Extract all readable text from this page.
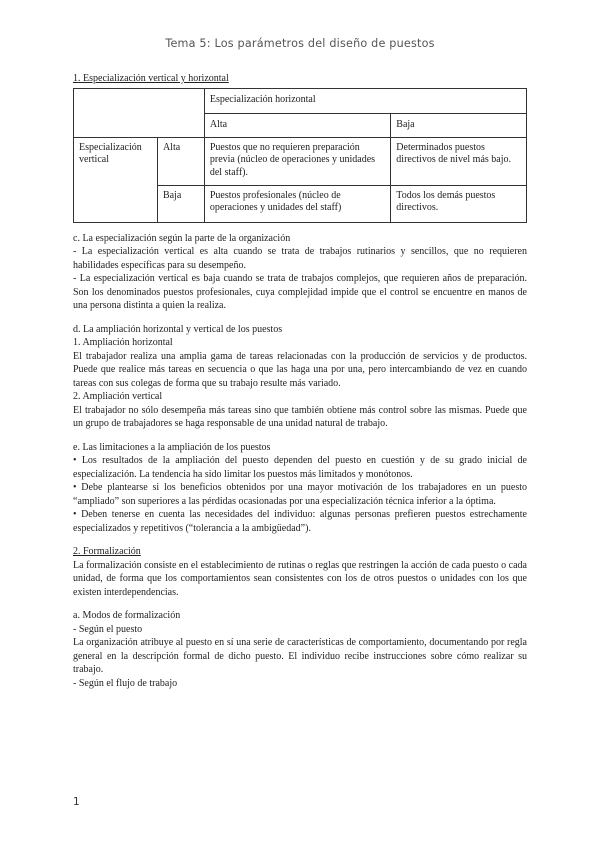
Tema 5: Los parámetros del diseño de puestos
1. Especialización vertical y horizontal
		Especialización horizontal	
		Alta	Baja
Especialización vertical	Alta	Puestos que no requieren preparación previa (núcleo de operaciones y unidades del staff).	Determinados puestos directivos de nivel más bajo.
	Baja	Puestos profesionales (núcleo de operaciones y unidades del staff)	Todos los demás puestos directivos.
c. La especialización según la parte de la organización
- La especialización vertical es alta cuando se trata de trabajos rutinarios y sencillos, que no requieren habilidades específicas para su desempeño.
- La especialización vertical es baja cuando se trata de trabajos complejos, que requieren años de preparación. Son los denominados puestos profesionales, cuya complejidad impide que el control se encuentre en manos de una persona distinta a quien la realiza.
d. La ampliación horizontal y vertical de los puestos
1. Ampliación horizontal
El trabajador realiza una amplia gama de tareas relacionadas con la producción de servicios y de productos. Puede que realice más tareas en secuencia o que las haga una por una, pero intercambiando de vez en cuando tareas con sus colegas de forma que su trabajo resulte más variado.
2. Ampliación vertical
El trabajador no sólo desempeña más tareas sino que también obtiene más control sobre las mismas. Puede que un grupo de trabajadores se haga responsable de una unidad natural de trabajo.
e. Las limitaciones a la ampliación de los puestos
• Los resultados de la ampliación del puesto dependen del puesto en cuestión y de su grado inicial de especialización. La tendencia ha sido limitar los puestos más limitados y monótonos.
• Debe plantearse si los beneficios obtenidos por una mayor motivación de los trabajadores en un puesto “ampliado” son superiores a las pérdidas ocasionadas por una especialización técnica inferior a la óptima.
• Deben tenerse en cuenta las necesidades del individuo: algunas personas prefieren puestos estrechamente especializados y repetitivos (“tolerancia a la ambigüedad”).
2. Formalización
La formalización consiste en el establecimiento de rutinas o reglas que restringen la acción de cada puesto o cada unidad, de forma que los comportamientos sean consistentes con los de otros puestos o unidades con los que existen interdependencias.
a. Modos de formalización
- Según el puesto
La organización atribuye al puesto en sí una serie de características de comportamiento, documentando por regla general en la descripción formal de dicho puesto. El individuo recibe instrucciones sobre cómo realizar su trabajo.
- Según el flujo de trabajo
1
